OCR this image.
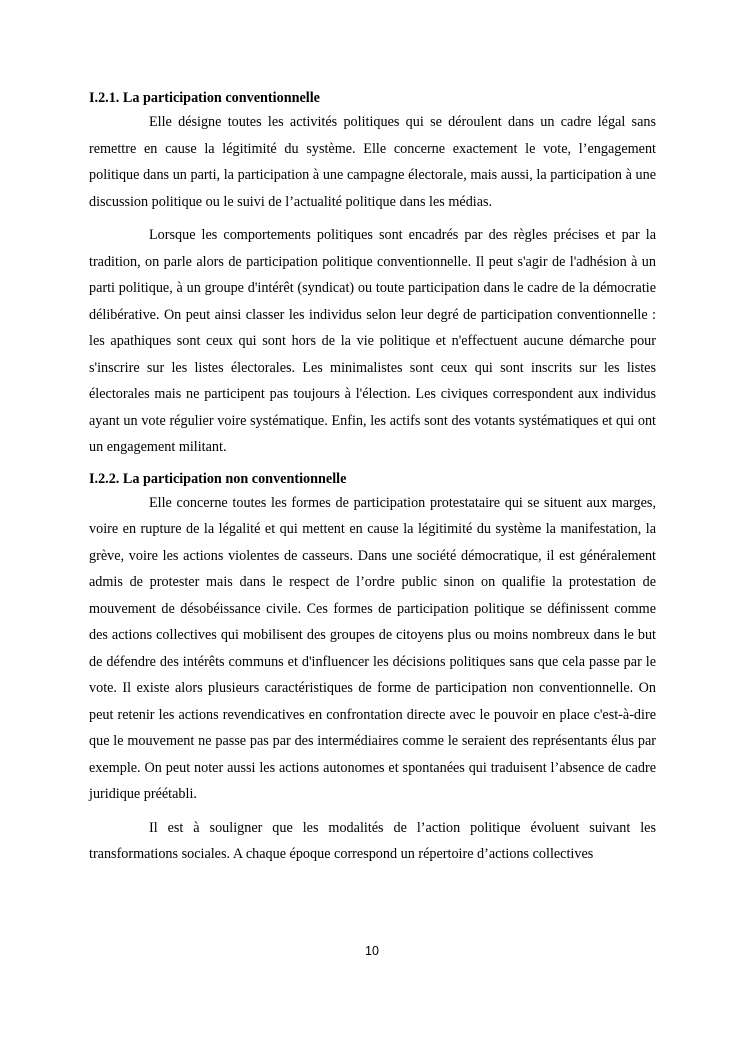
I.2.1. La participation conventionnelle

Elle désigne toutes les activités politiques qui se déroulent dans un cadre légal sans remettre en cause la légitimité du système. Elle concerne exactement le vote, l’engagement politique dans un parti, la participation à une campagne électorale, mais aussi, la participation à une discussion politique ou le suivi de l’actualité politique dans les médias.

Lorsque les comportements politiques sont encadrés par des règles précises et par la tradition, on parle alors de participation politique conventionnelle. Il peut s'agir de l'adhésion à un parti politique, à un groupe d'intérêt (syndicat) ou toute participation dans le cadre de la démocratie délibérative. On peut ainsi classer les individus selon leur degré de participation conventionnelle : les apathiques sont ceux qui sont hors de la vie politique et n'effectuent aucune démarche pour s'inscrire sur les listes électorales. Les minimalistes sont ceux qui sont inscrits sur les listes électorales mais ne participent pas toujours à l'élection. Les civiques correspondent aux individus ayant un vote régulier voire systématique. Enfin, les actifs sont des votants systématiques et qui ont un engagement militant.

I.2.2. La participation non conventionnelle

Elle concerne toutes les formes de participation protestataire qui se situent aux marges, voire en rupture de la légalité et qui mettent en cause la légitimité du système la manifestation, la grève, voire les actions violentes de casseurs. Dans une société démocratique, il est généralement admis de protester mais dans le respect de l’ordre public sinon on qualifie la protestation de mouvement de désobéissance civile. Ces formes de participation politique se définissent comme des actions collectives qui mobilisent des groupes de citoyens plus ou moins nombreux dans le but de défendre des intérêts communs et d'influencer les décisions politiques sans que cela passe par le vote. Il existe alors plusieurs caractéristiques de forme de participation non conventionnelle. On peut retenir les actions revendicatives en confrontation directe avec le pouvoir en place c'est-à-dire que le mouvement ne passe pas par des intermédiaires comme le seraient des représentants élus par exemple. On peut noter aussi les actions autonomes et spontanées qui traduisent l’absence de cadre juridique préétabli.

Il est à souligner que les modalités de l’action politique évoluent suivant les transformations sociales. A chaque époque correspond un répertoire d’actions collectives

10
